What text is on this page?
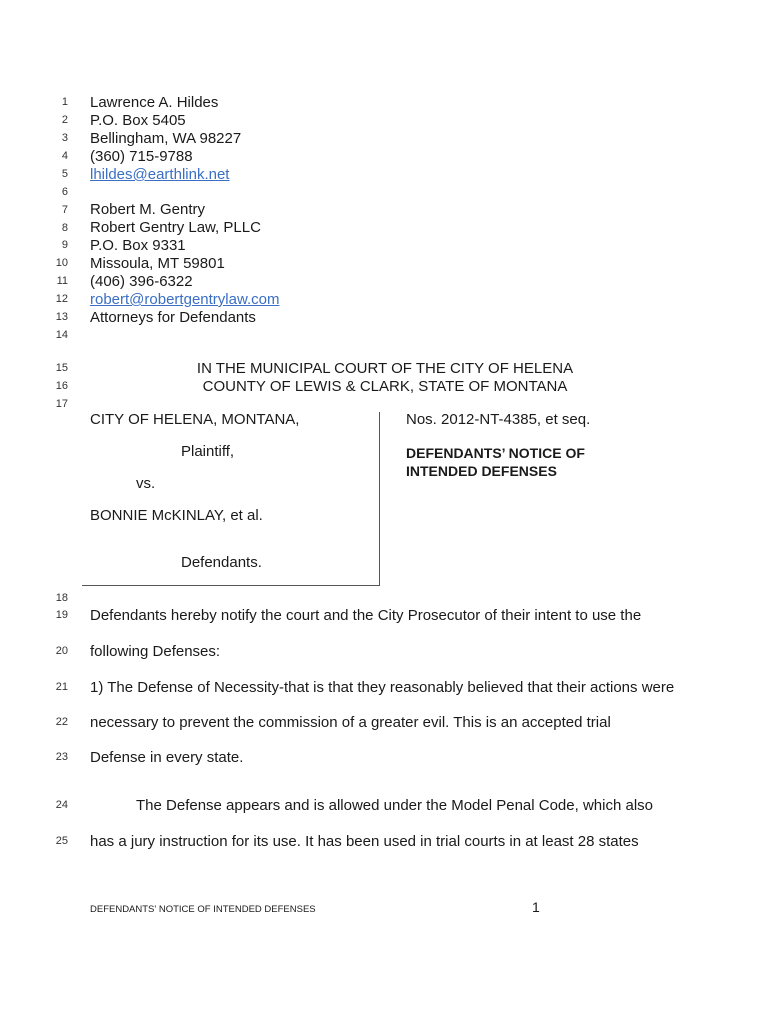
1
2
3
4
5
6
7
8
9
10
11
12
13
14
15
16
17
18
19
20
21
22
23
24
25
Lawrence A. Hildes
P.O. Box 5405
Bellingham, WA 98227
(360) 715-9788
lhildes@earthlink.net
Robert M. Gentry
Robert Gentry Law, PLLC
P.O. Box 9331
Missoula, MT 59801
(406) 396-6322
robert@robertgentrylaw.com
Attorneys for Defendants
IN THE MUNICIPAL COURT OF THE CITY OF HELENA
COUNTY OF LEWIS & CLARK, STATE OF MONTANA
CITY OF HELENA, MONTANA,
Plaintiff,
vs.
BONNIE McKINLAY, et al.
Defendants.
Nos. 2012-NT-4385, et seq.
DEFENDANTS’ NOTICE OF
INTENDED DEFENSES
Defendants hereby notify the court and the City Prosecutor of their intent to use the
following Defenses:
1) The Defense of Necessity-that is that they reasonably believed that their actions were
necessary to prevent the commission of a greater evil. This is an accepted trial
Defense in every state.
The Defense appears and is allowed under the Model Penal Code, which also
has a jury instruction for its use. It has been used in trial courts in at least 28 states
DEFENDANTS' NOTICE OF INTENDED DEFENSES	1
